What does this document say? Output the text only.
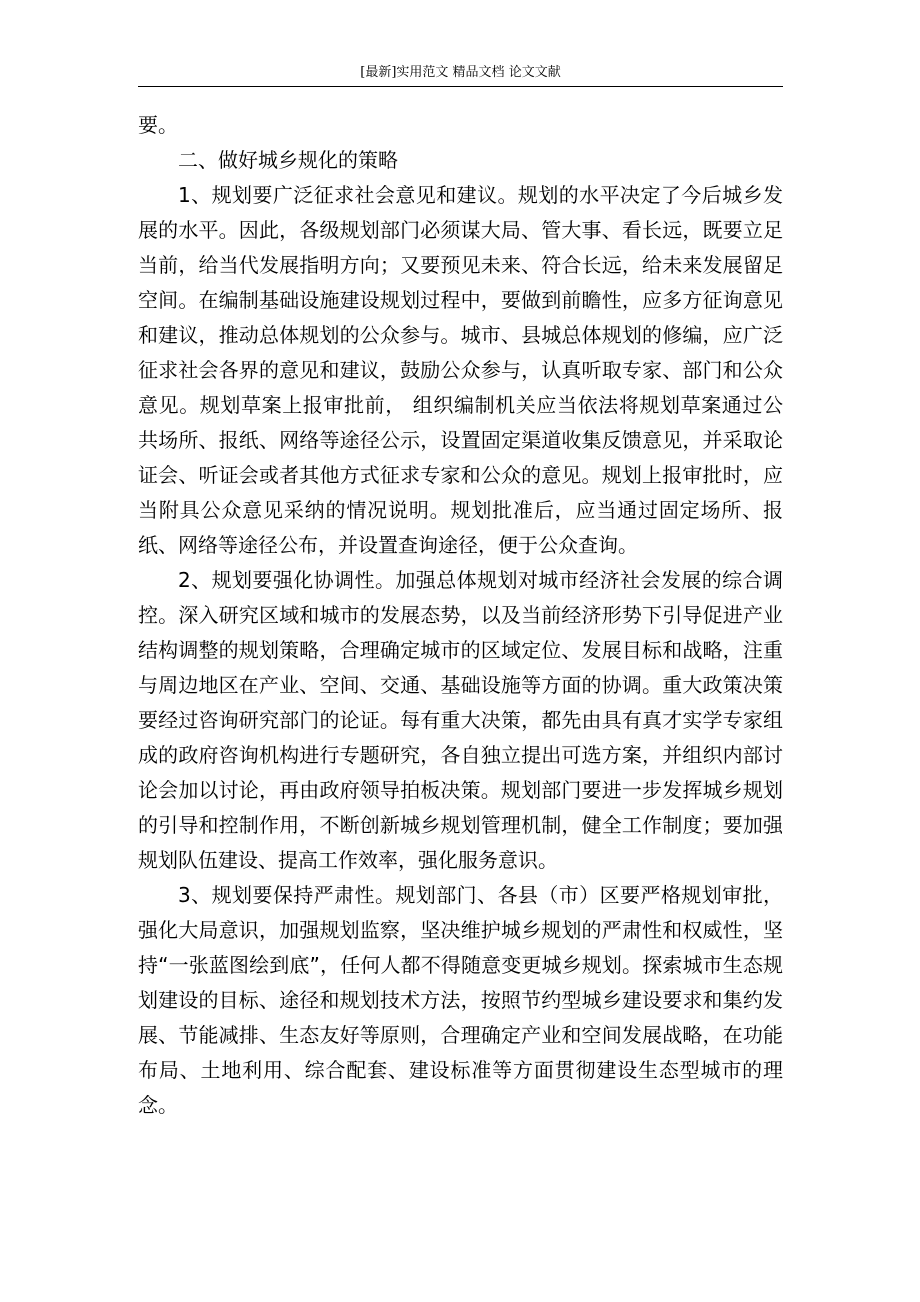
[最新]实用范文 精品文档 论文文献

要。

二、做好城乡规化的策略

1、规划要广泛征求社会意见和建议。规划的水平决定了今后城乡发展的水平。因此，各级规划部门必须谋大局、管大事、看长远，既要立足当前，给当代发展指明方向；又要预见未来、符合长远，给未来发展留足空间。在编制基础设施建设规划过程中，要做到前瞻性，应多方征询意见和建议，推动总体规划的公众参与。城市、县城总体规划的修编，应广泛征求社会各界的意见和建议，鼓励公众参与，认真听取专家、部门和公众意见。规划草案上报审批前， 组织编制机关应当依法将规划草案通过公共场所、报纸、网络等途径公示，设置固定渠道收集反馈意见，并采取论证会、听证会或者其他方式征求专家和公众的意见。规划上报审批时，应当附具公众意见采纳的情况说明。规划批准后，应当通过固定场所、报纸、网络等途径公布，并设置查询途径，便于公众查询。

2、规划要强化协调性。加强总体规划对城市经济社会发展的综合调控。深入研究区域和城市的发展态势，以及当前经济形势下引导促进产业结构调整的规划策略，合理确定城市的区域定位、发展目标和战略，注重与周边地区在产业、空间、交通、基础设施等方面的协调。重大政策决策要经过咨询研究部门的论证。每有重大决策，都先由具有真才实学专家组成的政府咨询机构进行专题研究，各自独立提出可选方案，并组织内部讨论会加以讨论，再由政府领导拍板决策。规划部门要进一步发挥城乡规划的引导和控制作用，不断创新城乡规划管理机制，健全工作制度；要加强规划队伍建设、提高工作效率，强化服务意识。

3、规划要保持严肃性。规划部门、各县（市）区要严格规划审批，强化大局意识，加强规划监察，坚决维护城乡规划的严肃性和权威性，坚持“一张蓝图绘到底”，任何人都不得随意变更城乡规划。探索城市生态规划建设的目标、途径和规划技术方法，按照节约型城乡建设要求和集约发展、节能减排、生态友好等原则，合理确定产业和空间发展战略，在功能布局、土地利用、综合配套、建设标准等方面贯彻建设生态型城市的理念。
